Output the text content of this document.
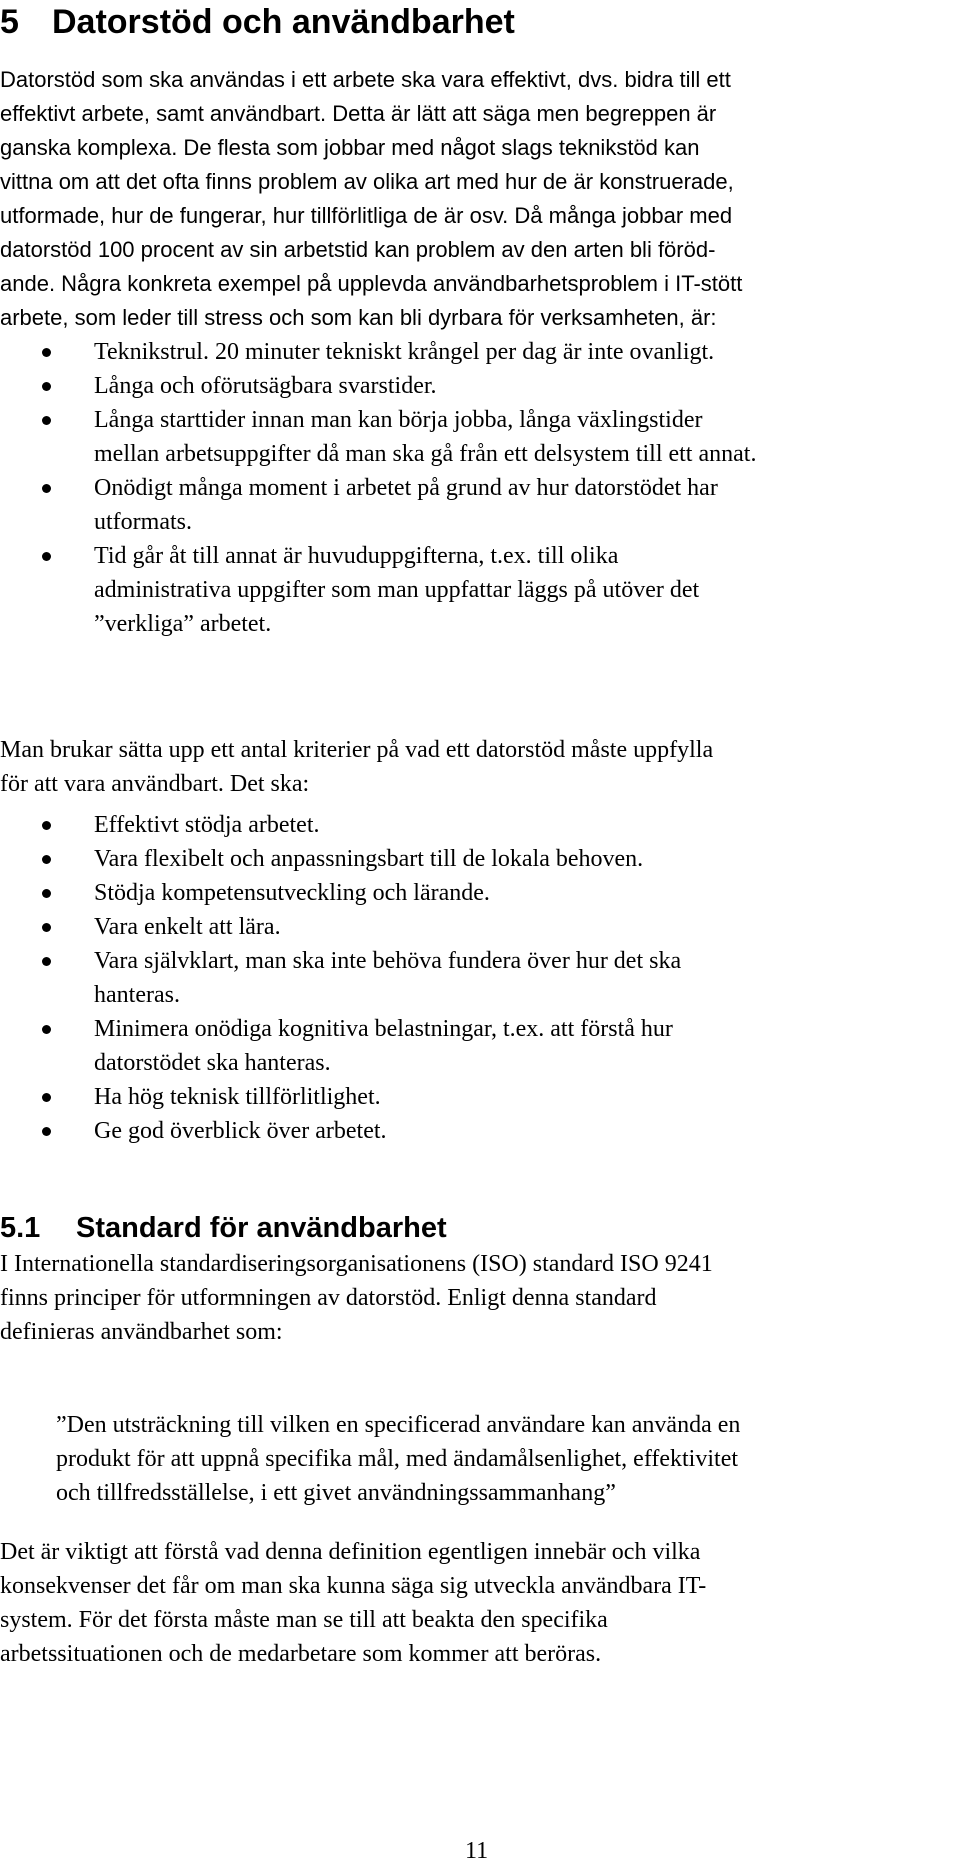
5 Datorstöd och användbarhet

Datorstöd som ska användas i ett arbete ska vara effektivt, dvs. bidra till ett
effektivt arbete, samt användbart. Detta är lätt att säga men begreppen är
ganska komplexa. De flesta som jobbar med något slags teknikstöd kan
vittna om att det ofta finns problem av olika art med hur de är konstruerade,
utformade, hur de fungerar, hur tillförlitliga de är osv. Då många jobbar med
datorstöd 100 procent av sin arbetstid kan problem av den arten bli föröd-
ande. Några konkreta exempel på upplevda användbarhetsproblem i IT-stött
arbete, som leder till stress och som kan bli dyrbara för verksamheten, är:

Teknikstrul. 20 minuter tekniskt krångel per dag är inte ovanligt.
Långa och oförutsägbara svarstider.
Långa starttider innan man kan börja jobba, långa växlingstider
mellan arbetsuppgifter då man ska gå från ett delsystem till ett annat.
Onödigt många moment i arbetet på grund av hur datorstödet har
utformats.
Tid går åt till annat är huvuduppgifterna, t.ex. till olika
administrativa uppgifter som man uppfattar läggs på utöver det
”verkliga” arbetet.

Man brukar sätta upp ett antal kriterier på vad ett datorstöd måste uppfylla
för att vara användbart. Det ska:

Effektivt stödja arbetet.
Vara flexibelt och anpassningsbart till de lokala behoven.
Stödja kompetensutveckling och lärande.
Vara enkelt att lära.
Vara självklart, man ska inte behöva fundera över hur det ska
hanteras.
Minimera onödiga kognitiva belastningar, t.ex. att förstå hur
datorstödet ska hanteras.
Ha hög teknisk tillförlitlighet.
Ge god överblick över arbetet.
5.1 Standard för användbarhet

I Internationella standardiseringsorganisationens (ISO) standard ISO 9241
finns principer för utformningen av datorstöd. Enligt denna standard
definieras användbarhet som:

”Den utsträckning till vilken en specificerad användare kan använda en
produkt för att uppnå specifika mål, med ändamålsenlighet, effektivitet
och tillfredsställelse, i ett givet användningssammanhang”

Det är viktigt att förstå vad denna definition egentligen innebär och vilka
konsekvenser det får om man ska kunna säga sig utveckla användbara IT-
system. För det första måste man se till att beakta den specifika
arbetssituationen och de medarbetare som kommer att beröras.

11
